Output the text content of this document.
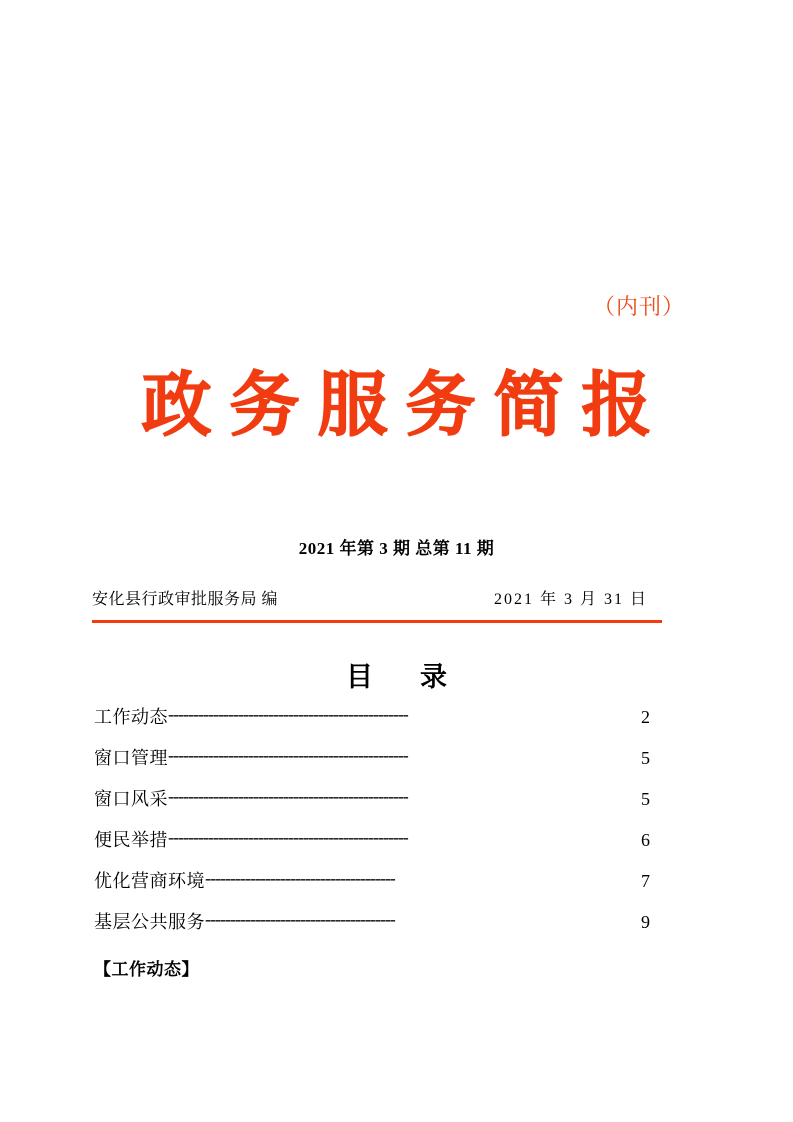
（内刊）
政务服务简报
2021 年第 3 期 总第 11 期
安化县行政审批服务局 编	2021 年 3 月 31 日
目　录
工作动态 ------------------------------------------------	2
窗口管理 ------------------------------------------------	5
窗口风采 ------------------------------------------------	5
便民举措 ------------------------------------------------	6
优化营商环境 --------------------------------------	7
基层公共服务 --------------------------------------	9
【工作动态】
